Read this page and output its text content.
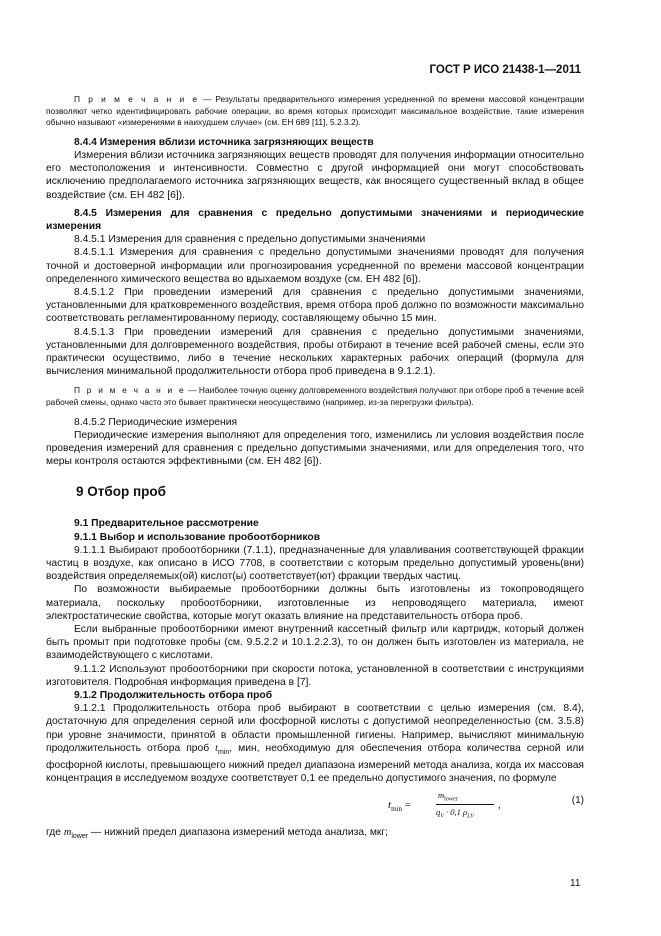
ГОСТ Р ИСО 21438-1—2011

П р и м е ч а н и е — Результаты предварительного измерения усредненной по времени массовой концентрации позволяют четко идентифицировать рабочие операции, во время которых происходит максимальное воздействие, такие измерения обычно называют «измерениями в наихудшем случае» (см. ЕН 689 [11], 5.2.3.2).

8.4.4 Измерения вблизи источника загрязняющих веществ

Измерения вблизи источника загрязняющих веществ проводят для получения информации относительно его местоположения и интенсивности. Совместно с другой информацией они могут способствовать исключению предполагаемого источника загрязняющих веществ, как вносящего существенный вклад в общее воздействие (см. ЕН 482 [6]).

8.4.5 Измерения для сравнения с предельно допустимыми значениями и периодические измерения

8.4.5.1 Измерения для сравнения с предельно допустимыми значениями

8.4.5.1.1 Измерения для сравнения с предельно допустимыми значениями проводят для получения точной и достоверной информации или прогнозирования усредненной по времени массовой концентрации определенного химического вещества во вдыхаемом воздухе (см. ЕН 482 [6]).

8.4.5.1.2 При проведении измерений для сравнения с предельно допустимыми значениями, установленными для кратковременного воздействия, время отбора проб должно по возможности максимально соответствовать регламентированному периоду, составляющему обычно 15 мин.

8.4.5.1.3 При проведении измерений для сравнения с предельно допустимыми значениями, установленными для долговременного воздействия, пробы отбирают в течение всей рабочей смены, если это практически осуществимо, либо в течение нескольких характерных рабочих операций (формула для вычисления минимальной продолжительности отбора проб приведена в 9.1.2.1).

П р и м е ч а н и е — Наиболее точную оценку долговременного воздействия получают при отборе проб в течение всей рабочей смены, однако часто это бывает практически неосуществимо (например, из-за перегрузки фильтра).

8.4.5.2 Периодические измерения

Периодические измерения выполняют для определения того, изменились ли условия воздействия после проведения измерений для сравнения с предельно допустимыми значениями, или для определения того, что меры контроля остаются эффективными (см. ЕН 482 [6]).

9 Отбор проб

9.1 Предварительное рассмотрение

9.1.1 Выбор и использование пробоотборников

9.1.1.1 Выбирают пробоотборники (7.1.1), предназначенные для улавливания соответствующей фракции частиц в воздухе, как описано в ИСО 7708, в соответствии с которым предельно допустимый уровень(вни) воздействия определяемых(ой) кислот(ы) соответствует(ют) фракции твердых частиц.

По возможности выбираемые пробоотборники должны быть изготовлены из токопроводящего материала, поскольку пробоотборники, изготовленные из непроводящего материала, имеют электростатические свойства, которые могут оказать влияние на представительность отбора проб.

Если выбранные пробоотборники имеют внутренний кассетный фильтр или картридж, который должен быть промыт при подготовке пробы (см. 9.5.2.2 и 10.1.2.2.3), то он должен быть изготовлен из материала, не взаимодействующего с кислотами.

9.1.1.2 Используют пробоотборники при скорости потока, установленной в соответствии с инструкциями изготовителя. Подробная информация приведена в [7].

9.1.2 Продолжительность отбора проб

9.1.2.1 Продолжительность отбора проб выбирают в соответствии с целью измерения (см. 8.4), достаточную для определения серной или фосфорной кислоты с допустимой неопределенностью (см. 3.5.8) при уровне значимости, принятой в области промышленной гигиены. Например, вычисляют минимальную продолжительность отбора проб $t_{min}$, мин, необходимую для обеспечения отбора количества серной или фосфорной кислоты, превышающего нижний предел диапазона измерений метода анализа, когда их массовая концентрация в исследуемом воздухе соответствует 0,1 ее предельно допустимого значения, по формуле

$t_{min}$ =
$m_{lower}$
$q_V \cdot 0,1$ $\rho_{LV}$
,	(1)

где $m_{lower}$ — нижний предел диапазона измерений метода анализа, мкг;

11
